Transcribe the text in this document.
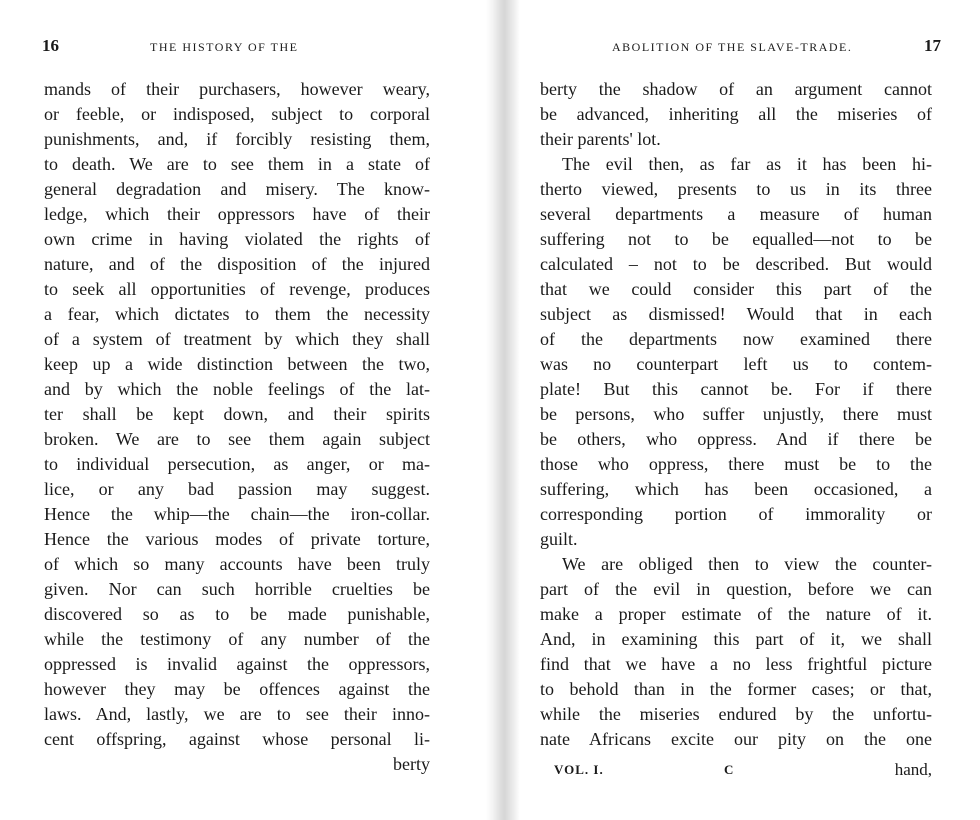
16	THE HISTORY OF THE
mands of their purchasers, however weary,
or feeble, or indisposed, subject to corporal
punishments, and, if forcibly resisting them,
to death. We are to see them in a state of
general degradation and misery. The know-
ledge, which their oppressors have of their
own crime in having violated the rights of
nature, and of the disposition of the injured
to seek all opportunities of revenge, produces
a fear, which dictates to them the necessity
of a system of treatment by which they shall
keep up a wide distinction between the two,
and by which the noble feelings of the lat-
ter shall be kept down, and their spirits
broken. We are to see them again subject
to individual persecution, as anger, or ma-
lice, or any bad passion may suggest.
Hence the whip—the chain—the iron-collar.
Hence the various modes of private torture,
of which so many accounts have been truly
given. Nor can such horrible cruelties be
discovered so as to be made punishable,
while the testimony of any number of the
oppressed is invalid against the oppressors,
however they may be offences against the
laws. And, lastly, we are to see their inno-
cent offspring, against whose personal li-
berty
ABOLITION OF THE SLAVE-TRADE.	17
berty the shadow of an argument cannot
be advanced, inheriting all the miseries of
their parents' lot.
The evil then, as far as it has been hi-
therto viewed, presents to us in its three
several departments a measure of human
suffering not to be equalled—not to be
calculated – not to be described. But would
that we could consider this part of the
subject as dismissed! Would that in each
of the departments now examined there
was no counterpart left us to contem-
plate! But this cannot be. For if there
be persons, who suffer unjustly, there must
be others, who oppress. And if there be
those who oppress, there must be to the
suffering, which has been occasioned, a
corresponding portion of immorality or
guilt.
We are obliged then to view the counter-
part of the evil in question, before we can
make a proper estimate of the nature of it.
And, in examining this part of it, we shall
find that we have a no less frightful picture
to behold than in the former cases; or that,
while the miseries endured by the unfortu-
nate Africans excite our pity on the one
VOL. I.	C	hand,
